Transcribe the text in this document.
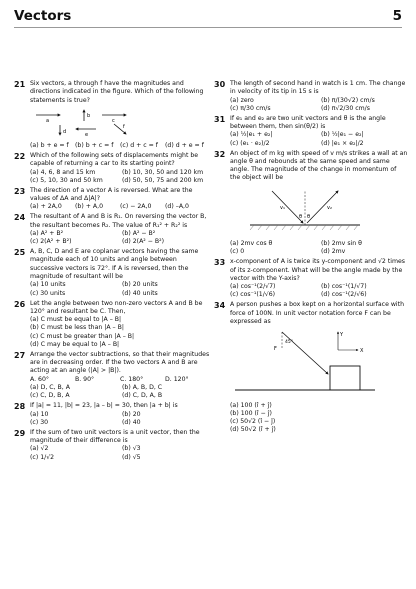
Vectors	5
21 Six vectors, a through f have the magnitudes and directions indicated in the figure. Which of the following statements is true?
a
b
c
d	e
f
(a) b + e = f	(b) b + c = f	(c) d + c = f	(d) d + e = f
22 Which of the following sets of displacements might be capable of returning a car to its starting point?
(a) 4, 6, 8 and 15 km	(b) 10, 30, 50 and 120 km
(c) 5, 10, 30 and 50 km	(d) 50, 50, 75 and 200 km
23 The direction of a vector A is reversed. What are the values of ΔA and Δ|A|?
(a) + 2A,0	(b) + A,0	(c) − 2A,0	(d) –A,0
24 The resultant of A and B is R₁. On reversing the vector B, the resultant becomes R₂. The value of R₁² + R₂² is
(a) A² + B²	(b) A² − B²
(c) 2(A² + B²)	(d) 2(A² − B²)
25 A, B, C, D and E are coplanar vectors having the same magnitude each of 10 units and angle between successive vectors is 72°. If A is reversed, then the magnitude of resultant will be
(a) 10 units	(b) 20 units
(c) 30 units	(d) 40 units
26 Let the angle between two non-zero vectors A and B be 120° and resultant be C. Then,
(a) C must be equal to |A – B|
(b) C must be less than |A – B|
(c) C must be greater than |A – B|
(d) C may be equal to |A – B|
27 Arrange the vector subtractions, so that their magnitudes are in decreasing order. If the two vectors A and B are acting at an angle (|A| > |B|).
A. 60°	B. 90°	C. 180°	D. 120°
(a) D, C, B, A	(b) A, B, D, C
(c) C, D, B, A	(d) C, D, A, B
28 If |a| = 11, |b| = 23, |a – b| = 30, then |a + b| is
(a) 10	(b) 20
(c) 30	(d) 40
29 If the sum of two unit vectors is a unit vector, then the magnitude of their difference is
(a) √2	(b) √3
(c) 1/√2	(d) √5
30 The length of second hand in watch is 1 cm. The change in velocity of its tip in 15 s is
(a) zero	(b) π/(30√2) cm/s
(c) π/30 cm/s	(d) π√2/30 cm/s
31 If e₁ and e₂ are two unit vectors and θ is the angle between them, then sin(θ/2) is
(a) ½|e₁ + e₂|	(b) ½|e₁ − e₂|
(c) (e₁ · e₂)/2	(d) |e₁ × e₂|/2
32 An object of m kg with speed of v m/s strikes a wall at an angle θ and rebounds at the same speed and same angle. The magnitude of the change in momentum of the object will be
v₁
θ θ
v₂
(a) 2mv cos θ	(b) 2mv sin θ
(c) 0	(d) 2mv
33 x-component of A is twice its y-component and √2 times of its z-component. What will be the angle made by the vector with the Y-axis?
(a) cos⁻¹(2/√7)	(b) cos⁻¹(1/√7)
(c) cos⁻¹(1/√6)	(d) cos⁻¹(2/√6)
34 A person pushes a box kept on a horizontal surface with force of 100N. In unit vector notation force F can be expressed as
Y
X
F
45°
(a) 100 (î + ĵ)
(b) 100 (î − ĵ)
(c) 50√2 (î − ĵ)
(d) 50√2 (î + ĵ)
